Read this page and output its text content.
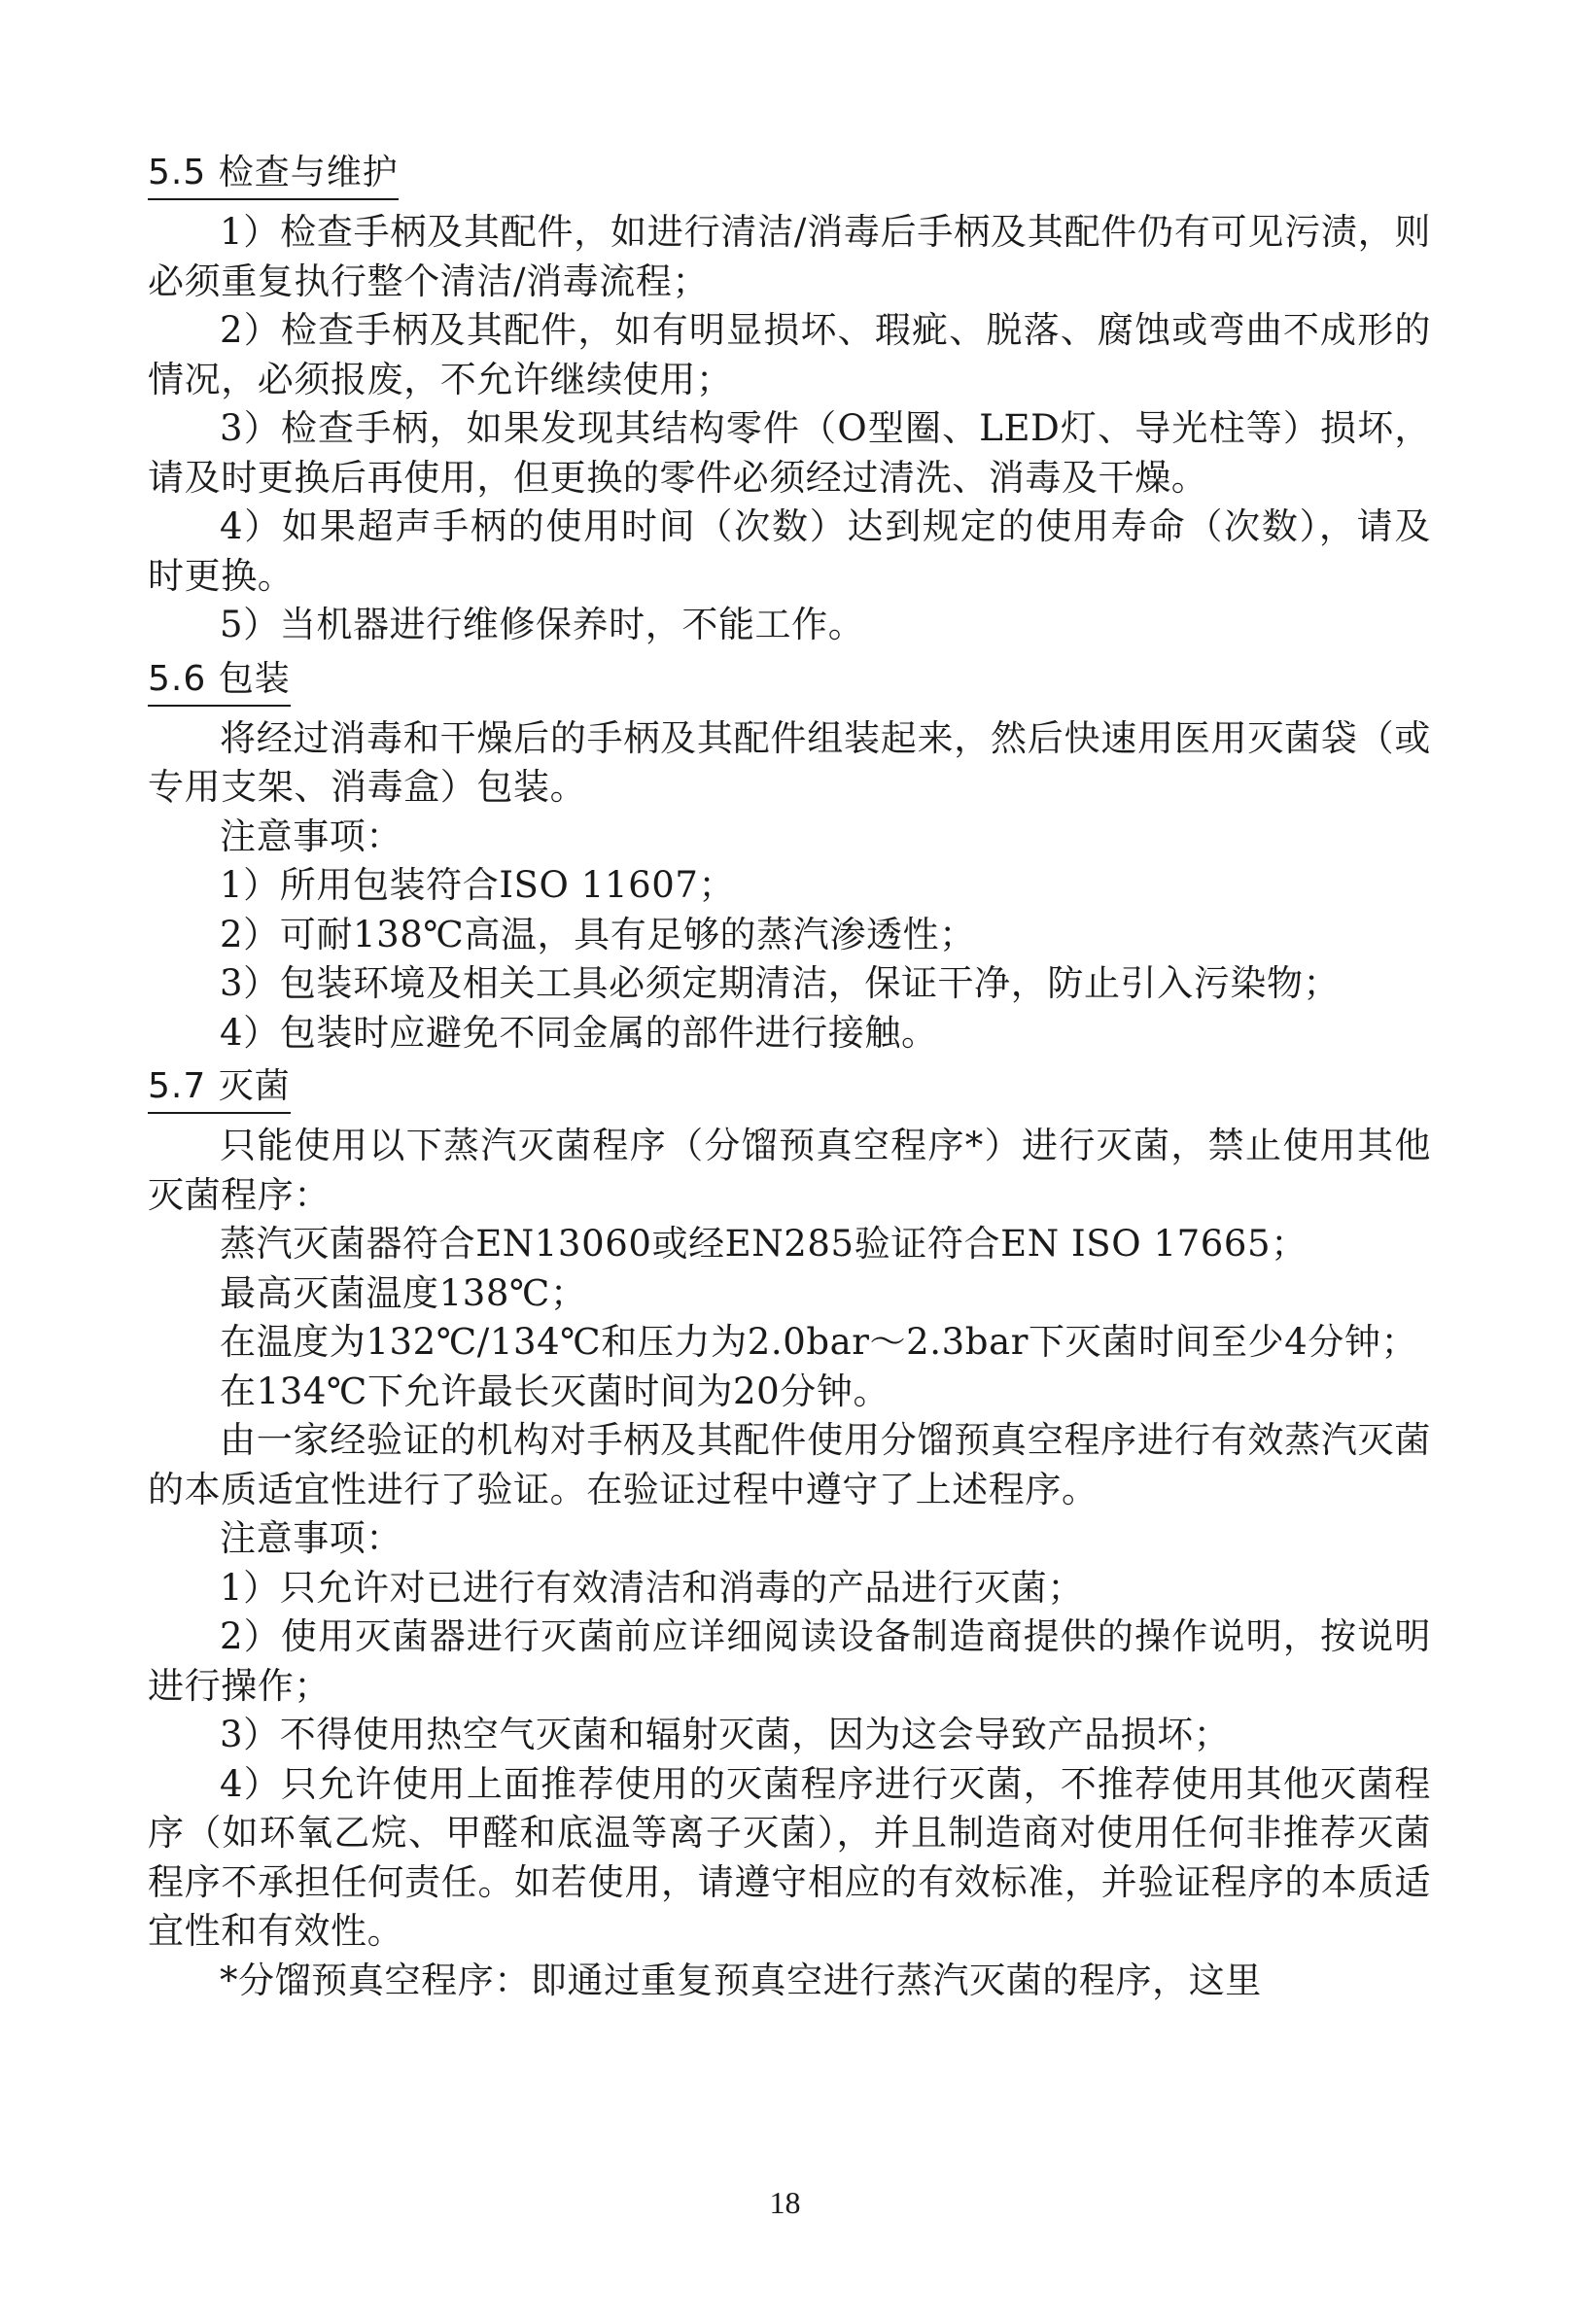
5.5 检查与维护

1）检查手柄及其配件，如进行清洁/消毒后手柄及其配件仍有可见污渍，则必须重复执行整个清洁/消毒流程；

2）检查手柄及其配件，如有明显损坏、瑕疵、脱落、腐蚀或弯曲不成形的情况，必须报废，不允许继续使用；

3）检查手柄，如果发现其结构零件（O型圈、LED灯、导光柱等）损坏，请及时更换后再使用，但更换的零件必须经过清洗、消毒及干燥。

4）如果超声手柄的使用时间（次数）达到规定的使用寿命（次数），请及时更换。

5）当机器进行维修保养时，不能工作。

5.6 包装

将经过消毒和干燥后的手柄及其配件组装起来，然后快速用医用灭菌袋（或专用支架、消毒盒）包装。

注意事项：

1）所用包装符合ISO 11607；

2）可耐138℃高温，具有足够的蒸汽渗透性；

3）包装环境及相关工具必须定期清洁，保证干净，防止引入污染物；

4）包装时应避免不同金属的部件进行接触。

5.7 灭菌

只能使用以下蒸汽灭菌程序（分馏预真空程序*）进行灭菌，禁止使用其他灭菌程序：

蒸汽灭菌器符合EN13060或经EN285验证符合EN ISO 17665；

最高灭菌温度138℃；

在温度为132℃/134℃和压力为2.0bar～2.3bar下灭菌时间至少4分钟；

在134℃下允许最长灭菌时间为20分钟。

由一家经验证的机构对手柄及其配件使用分馏预真空程序进行有效蒸汽灭菌的本质适宜性进行了验证。在验证过程中遵守了上述程序。

注意事项：

1）只允许对已进行有效清洁和消毒的产品进行灭菌；

2）使用灭菌器进行灭菌前应详细阅读设备制造商提供的操作说明，按说明进行操作；

3）不得使用热空气灭菌和辐射灭菌，因为这会导致产品损坏；

4）只允许使用上面推荐使用的灭菌程序进行灭菌，不推荐使用其他灭菌程序（如环氧乙烷、甲醛和底温等离子灭菌），并且制造商对使用任何非推荐灭菌程序不承担任何责任。如若使用，请遵守相应的有效标准，并验证程序的本质适宜性和有效性。

*分馏预真空程序：即通过重复预真空进行蒸汽灭菌的程序，这里

18
